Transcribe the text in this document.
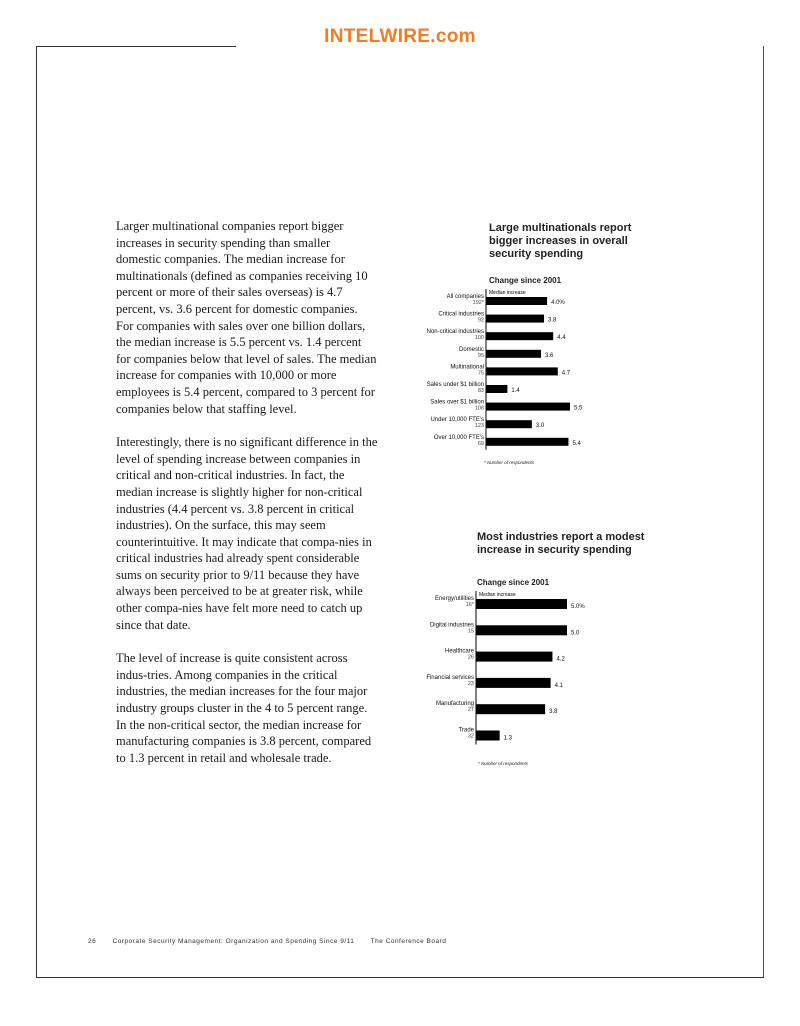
INTELWIRE.com

Larger multinational companies report bigger increases in security spending than smaller domestic companies. The median increase for multinationals (defined as companies receiving 10 percent or more of their sales overseas) is 4.7 percent, vs. 3.6 percent for domestic companies. For companies with sales over one billion dollars, the median increase is 5.5 percent vs. 1.4 percent for companies below that level of sales. The median increase for companies with 10,000 or more employees is 5.4 percent, compared to 3 percent for companies below that staffing level.

Interestingly, there is no significant difference in the level of spending increase between companies in critical and non-critical industries. In fact, the median increase is slightly higher for non-critical industries (4.4 percent vs. 3.8 percent in critical industries). On the surface, this may seem counterintuitive. It may indicate that compa-nies in critical industries had already spent considerable sums on security prior to 9/11 because they have always been perceived to be at greater risk, while other compa-nies have felt more need to catch up since that date.

The level of increase is quite consistent across indus-tries. Among companies in the critical industries, the median increases for the four major industry groups cluster in the 4 to 5 percent range. In the non-critical sector, the median increase for manufacturing companies is 3.8 percent, compared to 1.3 percent in retail and wholesale trade.

Large multinationals report bigger increases in overall security spending
Change since 2001
Median increase
4.0%
All companies
192*
3.8
Critical industries
92
4.4
Non-critical industries
100
3.6
Domestic
95
4.7
Multinational
75
1.4
Sales under $1 billion
83
5.5
Sales over $1 billion
108
3.0
Under 10,000 FTE's
123
5.4
Over 10,000 FTE's
69
* Number of respondents
Most industries report a modest increase in security spending
Change since 2001
Median increase
5.0%
Energy/utilities
16*
5.0
Digital industries
15
4.2
Healthcare
26
4.1
Financial services
23
3.8
Manufacturing
27
1.3
Trade
32
* Number of respondents
26	Corporate Security Management: Organization and Spending Since 9/11 The Conference Board
